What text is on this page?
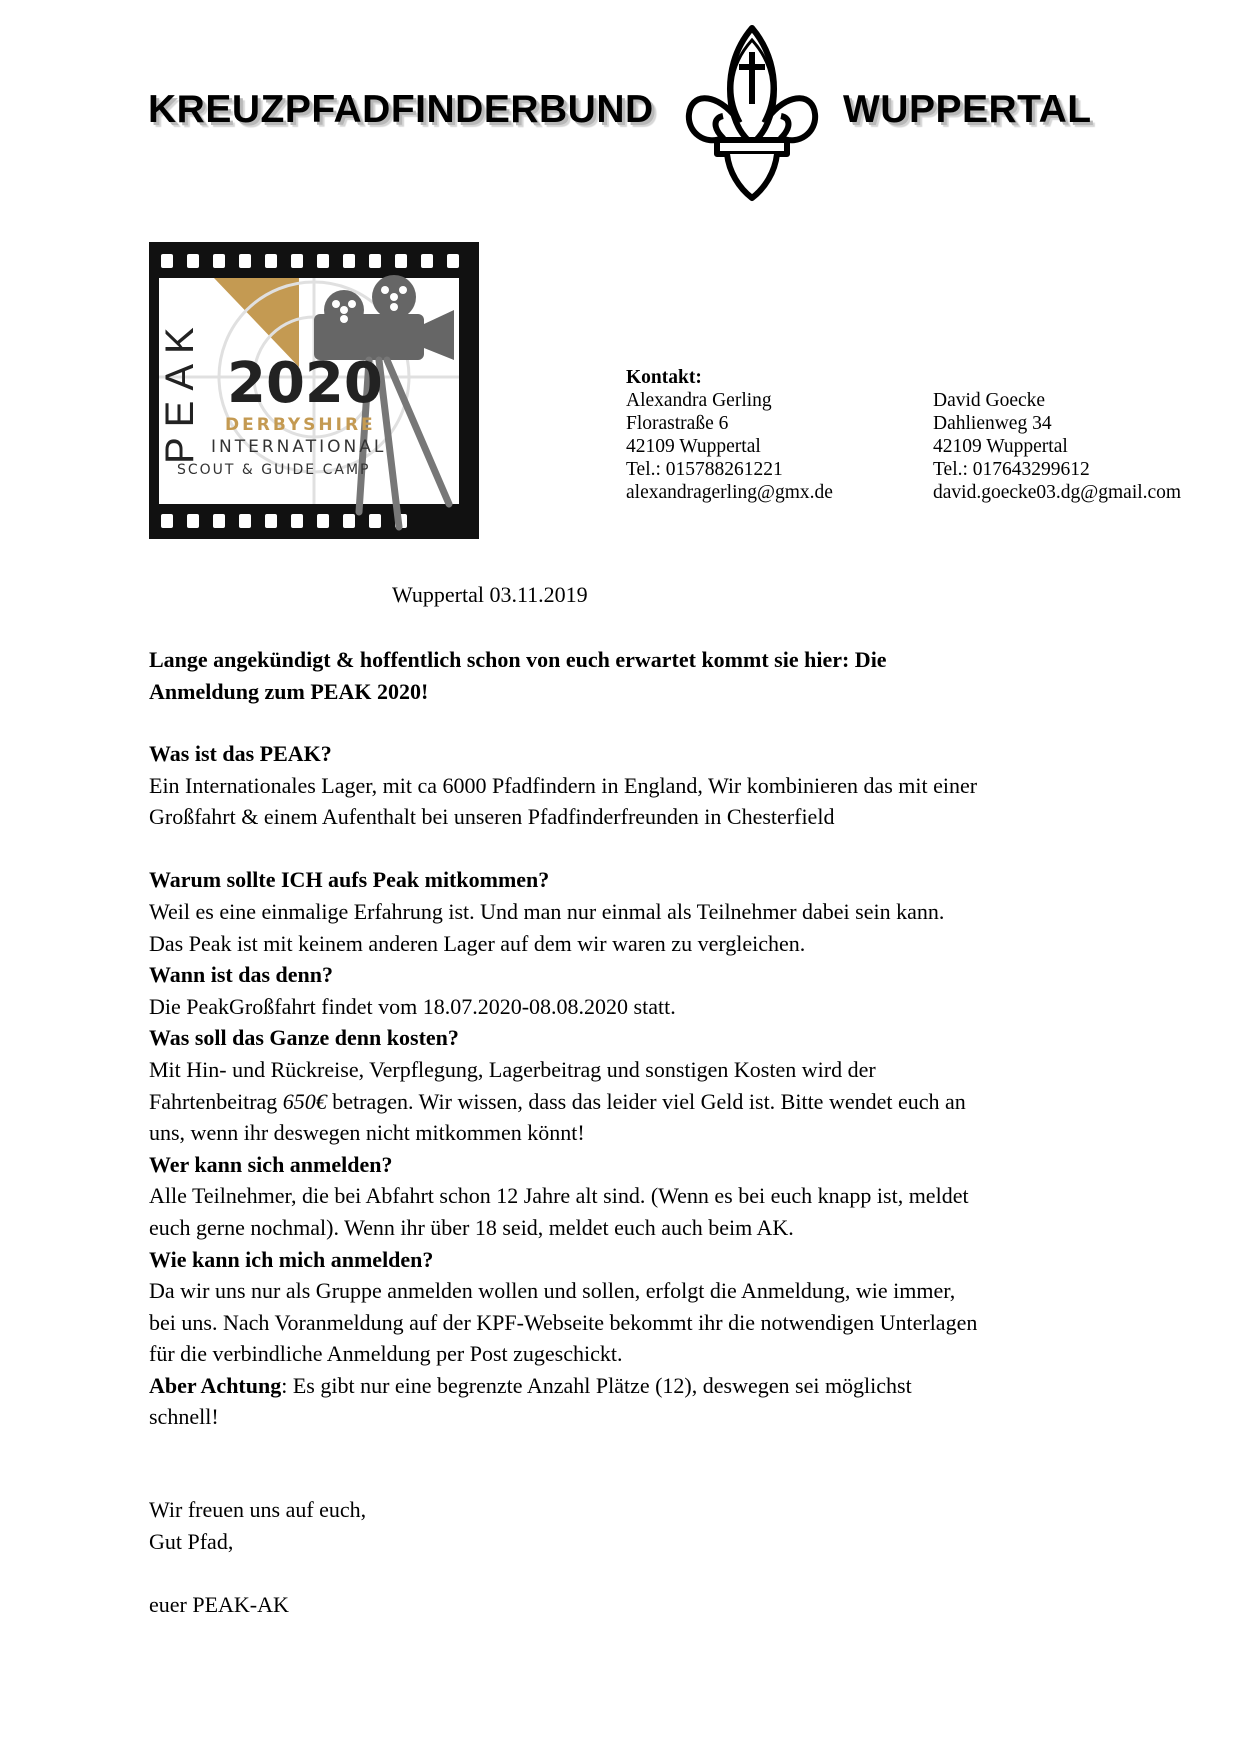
KREUZPFADFINDERBUND	WUPPERTAL
PEAK 2020
DERBYSHIRE
INTERNATIONAL
SCOUT & GUIDE CAMP
Kontakt:
Alexandra Gerling
Florastraße 6
42109 Wuppertal
Tel.: 015788261221
alexandragerling@gmx.de
David Goecke
Dahlienweg 34
42109 Wuppertal
Tel.: 017643299612
david.goecke03.dg@gmail.com
Wuppertal 03.11.2019
Lange angekündigt & hoffentlich schon von euch erwartet kommt sie hier: Die
Anmeldung zum PEAK 2020!

Was ist das PEAK?

Ein Internationales Lager, mit ca 6000 Pfadfindern in England, Wir kombinieren das mit einer

Großfahrt & einem Aufenthalt bei unseren Pfadfinderfreunden in Chesterfield

Warum sollte ICH aufs Peak mitkommen?

Weil es eine einmalige Erfahrung ist. Und man nur einmal als Teilnehmer dabei sein kann.

Das Peak ist mit keinem anderen Lager auf dem wir waren zu vergleichen.

Wann ist das denn?

Die PeakGroßfahrt findet vom 18.07.2020-08.08.2020 statt.

Was soll das Ganze denn kosten?

Mit Hin- und Rückreise, Verpflegung, Lagerbeitrag und sonstigen Kosten wird der

Fahrtenbeitrag 650€ betragen. Wir wissen, dass das leider viel Geld ist. Bitte wendet euch an

uns, wenn ihr deswegen nicht mitkommen könnt!

Wer kann sich anmelden?

Alle Teilnehmer, die bei Abfahrt schon 12 Jahre alt sind. (Wenn es bei euch knapp ist, meldet

euch gerne nochmal). Wenn ihr über 18 seid, meldet euch auch beim AK.

Wie kann ich mich anmelden?

Da wir uns nur als Gruppe anmelden wollen und sollen, erfolgt die Anmeldung, wie immer,

bei uns. Nach Voranmeldung auf der KPF-Webseite bekommt ihr die notwendigen Unterlagen

für die verbindliche Anmeldung per Post zugeschickt.

Aber Achtung: Es gibt nur eine begrenzte Anzahl Plätze (12), deswegen sei möglichst

schnell!

Wir freuen uns auf euch,

Gut Pfad,

euer PEAK-AK
